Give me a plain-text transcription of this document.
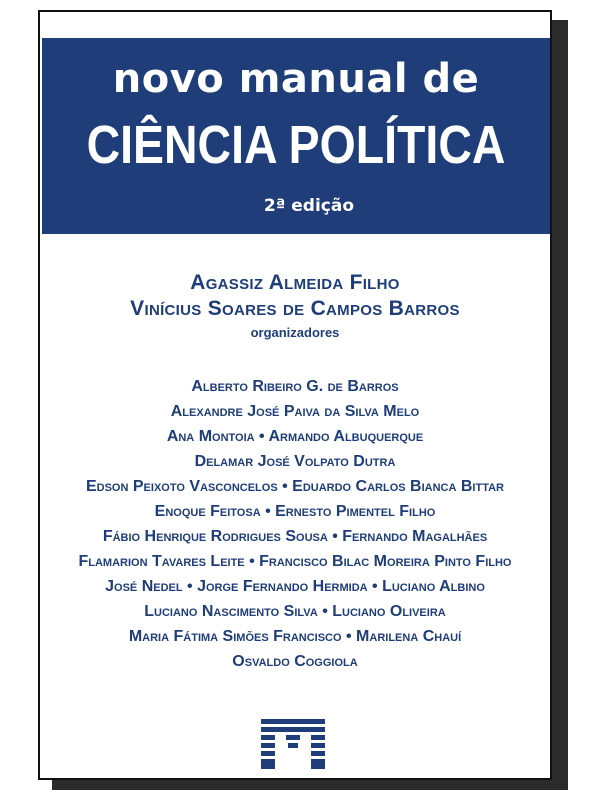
novo manual de
CIÊNCIA POLÍTICA
2ª edição
Agassiz Almeida Filho
Vinícius Soares de Campos Barros
organizadores
Alberto Ribeiro G. de Barros
Alexandre José Paiva da Silva Melo
Ana Montoia • Armando Albuquerque
Delamar José Volpato Dutra
Edson Peixoto Vasconcelos • Eduardo Carlos Bianca Bittar
Enoque Feitosa • Ernesto Pimentel Filho
Fábio Henrique Rodrigues Sousa • Fernando Magalhães
Flamarion Tavares Leite • Francisco Bilac Moreira Pinto Filho
José Nedel • Jorge Fernando Hermida • Luciano Albino
Luciano Nascimento Silva • Luciano Oliveira
Maria Fátima Simões Francisco • Marilena Chauí
Osvaldo Coggiola
